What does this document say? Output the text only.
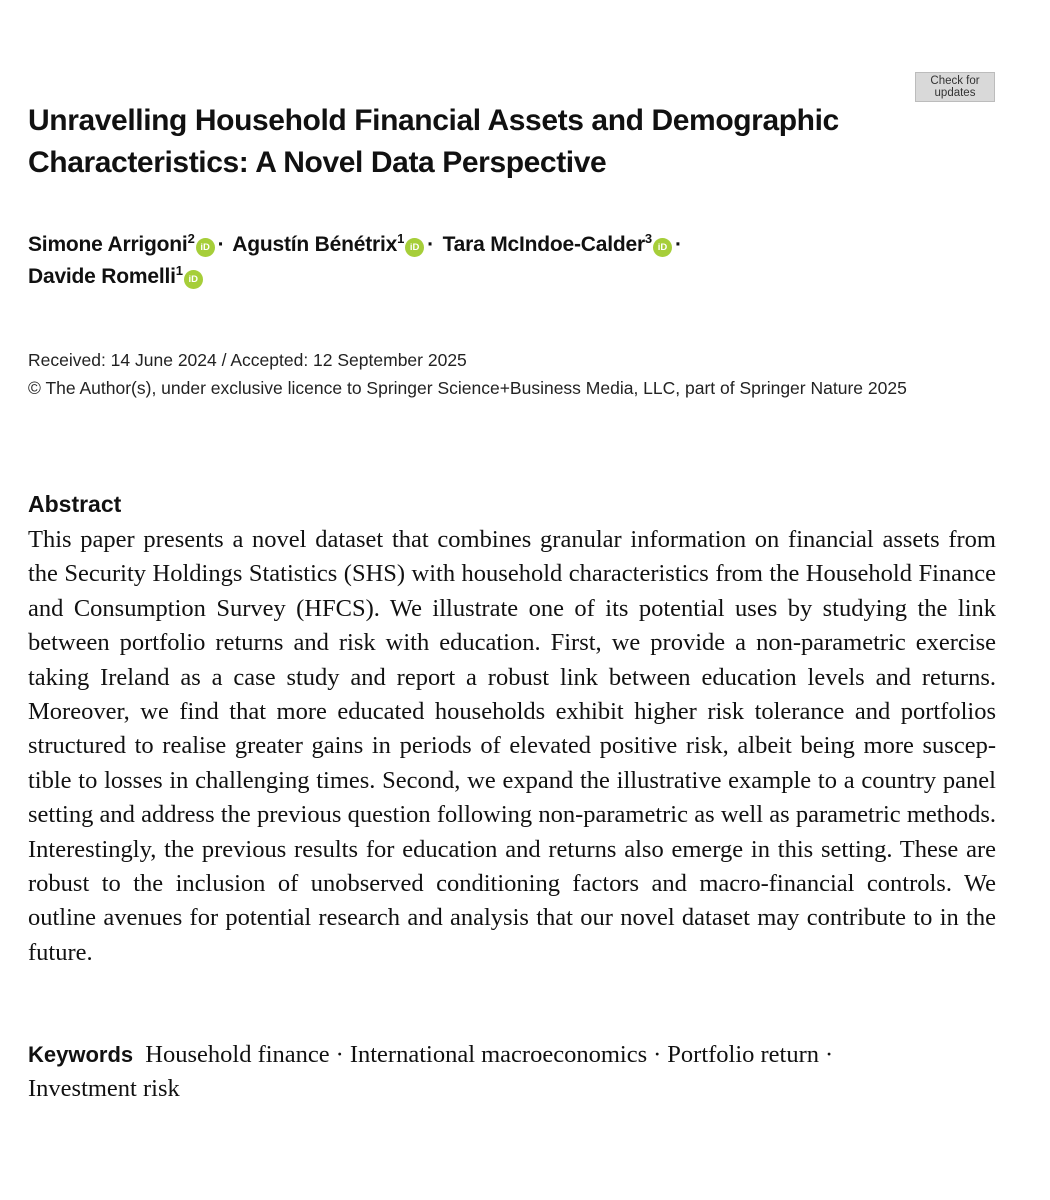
Check for
updates
Unravelling Household Financial Assets and Demographic Characteristics: A Novel Data Perspective
Simone Arrigoni$^2$iD · Agustín Bénétrix$^1$iD · Tara McIndoe-Calder$^3$iD ·
Davide Romelli$^1$iD
Received: 14 June 2024 / Accepted: 12 September 2025
© The Author(s), under exclusive licence to Springer Science+Business Media, LLC, part of Springer Nature 2025
Abstract

This paper presents a novel dataset that combines granular information on financial assets from the Security Holdings Statistics (SHS) with household characteristics from the Household Finance and Consumption Survey (HFCS). We illustrate one of its potential uses by studying the link between portfolio returns and risk with education. First, we provide a non-parametric exercise taking Ireland as a case study and report a robust link between education levels and returns. Moreover, we find that more educated households exhibit higher risk tolerance and portfolios structured to realise greater gains in periods of elevated positive risk, albeit being more susceptible to losses in challenging times. Second, we expand the illustrative example to a country panel setting and address the previous question following non-parametric as well as parametric methods. Interestingly, the previous results for education and returns also emerge in this setting. These are robust to the inclusion of unobserved conditioning factors and macro-financial controls. We outline avenues for potential research and analysis that our novel dataset may contribute to in the future.

Keywords Household finance · International macroeconomics · Portfolio return ·
Investment risk
